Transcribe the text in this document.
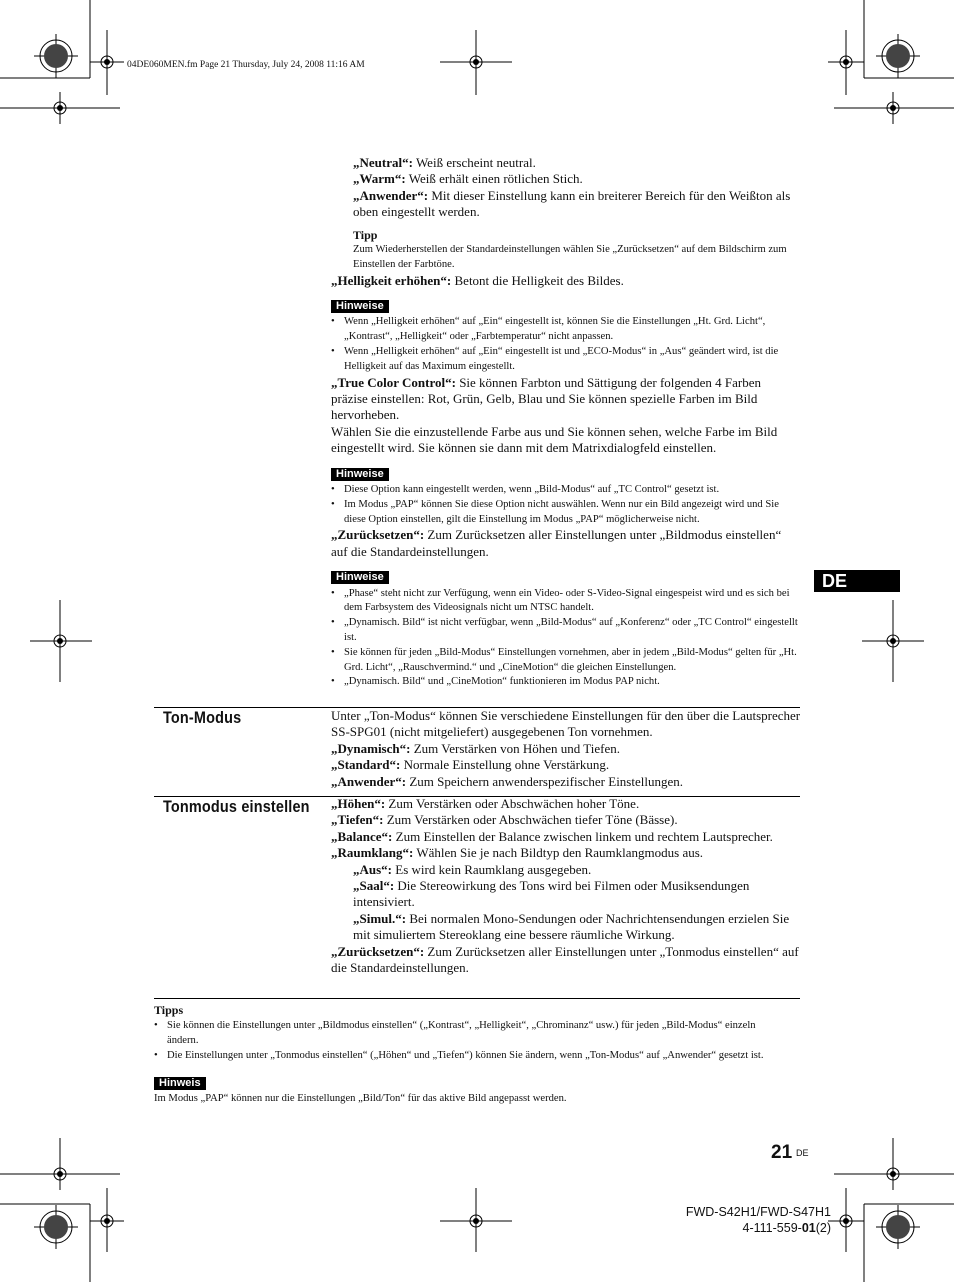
04DE060MEN.fm Page 21 Thursday, July 24, 2008 11:16 AM

„Neutral“: Weiß erscheint neutral.

„Warm“: Weiß erhält einen rötlichen Stich.

„Anwender“: Mit dieser Einstellung kann ein breiterer Bereich für den Weißton als oben eingestellt werden.

Tipp

Zum Wiederherstellen der Standardeinstellungen wählen Sie „Zurücksetzen“ auf dem Bildschirm zum Einstellen der Farbtöne.

„Helligkeit erhöhen“: Betont die Helligkeit des Bildes.

Hinweise
• Wenn „Helligkeit erhöhen“ auf „Ein“ eingestellt ist, können Sie die Einstellungen „Ht. Grd. Licht“, „Kontrast“, „Helligkeit“ oder „Farbtemperatur“ nicht anpassen.
• Wenn „Helligkeit erhöhen“ auf „Ein“ eingestellt ist und „ECO-Modus“ in „Aus“ geändert wird, ist die Helligkeit auf das Maximum eingestellt.

„True Color Control“: Sie können Farbton und Sättigung der folgenden 4 Farben präzise einstellen: Rot, Grün, Gelb, Blau und Sie können spezielle Farben im Bild hervorheben.

Wählen Sie die einzustellende Farbe aus und Sie können sehen, welche Farbe im Bild eingestellt wird. Sie können sie dann mit dem Matrixdialogfeld einstellen.

Hinweise
• Diese Option kann eingestellt werden, wenn „Bild-Modus“ auf „TC Control“ gesetzt ist.
• Im Modus „PAP“ können Sie diese Option nicht auswählen. Wenn nur ein Bild angezeigt wird und Sie diese Option einstellen, gilt die Einstellung im Modus „PAP“ möglicherweise nicht.

„Zurücksetzen“: Zum Zurücksetzen aller Einstellungen unter „Bildmodus einstellen“ auf die Standardeinstellungen.

Hinweise
• „Phase“ steht nicht zur Verfügung, wenn ein Video- oder S-Video-Signal eingespeist wird und es sich bei dem Farbsystem des Videosignals nicht um NTSC handelt.
• „Dynamisch. Bild“ ist nicht verfügbar, wenn „Bild-Modus“ auf „Konferenz“ oder „TC Control“ eingestellt ist.
• Sie können für jeden „Bild-Modus“ Einstellungen vornehmen, aber in jedem „Bild-Modus“ gelten für „Ht. Grd. Licht“, „Rauschvermind.“ und „CineMotion“ die gleichen Einstellungen.
• „Dynamisch. Bild“ und „CineMotion“ funktionieren im Modus PAP nicht.
DE
Ton-Modus	Unter „Ton-Modus“ können Sie verschiedene Einstellungen für den über die Lautsprecher SS-SPG01 (nicht mitgeliefert) ausgegebenen Ton vornehmen.

„Dynamisch“: Zum Verstärken von Höhen und Tiefen.

„Standard“: Normale Einstellung ohne Verstärkung.

„Anwender“: Zum Speichern anwenderspezifischer Einstellungen.

Tonmodus einstellen „Höhen“: Zum Verstärken oder Abschwächen hoher Töne.

„Tiefen“: Zum Verstärken oder Abschwächen tiefer Töne (Bässe).

„Balance“: Zum Einstellen der Balance zwischen linkem und rechtem Lautsprecher.

„Raumklang“: Wählen Sie je nach Bildtyp den Raumklangmodus aus.

„Aus“: Es wird kein Raumklang ausgegeben.

„Saal“: Die Stereowirkung des Tons wird bei Filmen oder Musiksendungen intensiviert.

„Simul.“: Bei normalen Mono-Sendungen oder Nachrichtensendungen erzielen Sie mit simuliertem Stereoklang eine bessere räumliche Wirkung.

„Zurücksetzen“: Zum Zurücksetzen aller Einstellungen unter „Tonmodus einstellen“ auf die Standardeinstellungen.

Tipps

• Sie können die Einstellungen unter „Bildmodus einstellen“ („Kontrast“, „Helligkeit“, „Chrominanz“ usw.) für jeden „Bild-Modus“ einzeln ändern.
• Die Einstellungen unter „Tonmodus einstellen“ („Höhen“ und „Tiefen“) können Sie ändern, wenn „Ton-Modus“ auf „Anwender“ gesetzt ist.
Hinweis

Im Modus „PAP“ können nur die Einstellungen „Bild/Ton“ für das aktive Bild angepasst werden.

21 DE
FWD-S42H1/FWD-S47H1
4-111-559-01(2)
